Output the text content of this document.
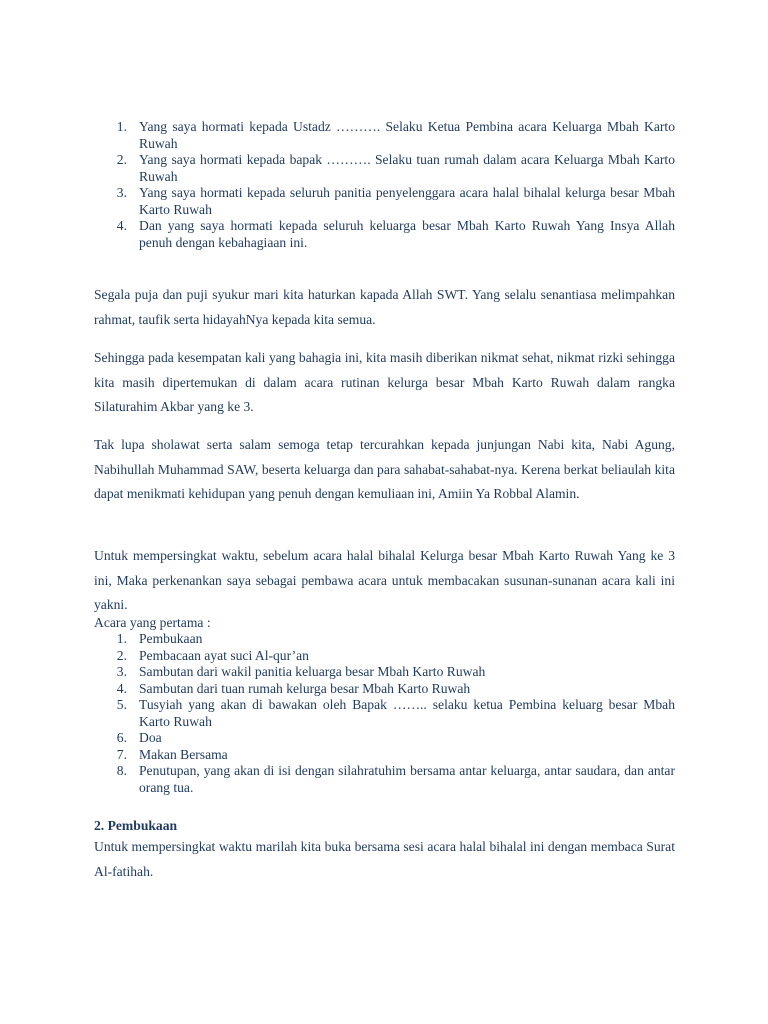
1. Yang saya hormati kepada Ustadz ………. Selaku Ketua Pembina acara Keluarga Mbah Karto Ruwah
2. Yang saya hormati kepada bapak ………. Selaku tuan rumah dalam acara Keluarga Mbah Karto Ruwah
3. Yang saya hormati kepada seluruh panitia penyelenggara acara halal bihalal kelurga besar Mbah Karto Ruwah
4. Dan yang saya hormati kepada seluruh keluarga besar Mbah Karto Ruwah Yang Insya Allah penuh dengan kebahagiaan ini.

Segala puja dan puji syukur mari kita haturkan kapada Allah SWT. Yang selalu senantiasa melimpahkan rahmat, taufik serta hidayahNya kepada kita semua.

Sehingga pada kesempatan kali yang bahagia ini, kita masih diberikan nikmat sehat, nikmat rizki sehingga kita masih dipertemukan di dalam acara rutinan kelurga besar Mbah Karto Ruwah dalam rangka Silaturahim Akbar yang ke 3.

Tak lupa sholawat serta salam semoga tetap tercurahkan kepada junjungan Nabi kita, Nabi Agung, Nabihullah Muhammad SAW, beserta keluarga dan para sahabat-sahabat-nya. Kerena berkat beliaulah kita dapat menikmati kehidupan yang penuh dengan kemuliaan ini, Amiin Ya Robbal Alamin.

Untuk mempersingkat waktu, sebelum acara halal bihalal Kelurga besar Mbah Karto Ruwah Yang ke 3 ini, Maka perkenankan saya sebagai pembawa acara untuk membacakan susunan-sunanan acara kali ini yakni.

Acara yang pertama :

1. Pembukaan
2. Pembacaan ayat suci Al-qur’an
3. Sambutan dari wakil panitia keluarga besar Mbah Karto Ruwah
4. Sambutan dari tuan rumah kelurga besar Mbah Karto Ruwah
5. Tusyiah yang akan di bawakan oleh Bapak …….. selaku ketua Pembina keluarg besar Mbah Karto Ruwah
6. Doa
7. Makan Bersama
8. Penutupan, yang akan di isi dengan silahratuhim bersama antar keluarga, antar saudara, dan antar orang tua.

2. Pembukaan

Untuk mempersingkat waktu marilah kita buka bersama sesi acara halal bihalal ini dengan membaca Surat Al-fatihah.
